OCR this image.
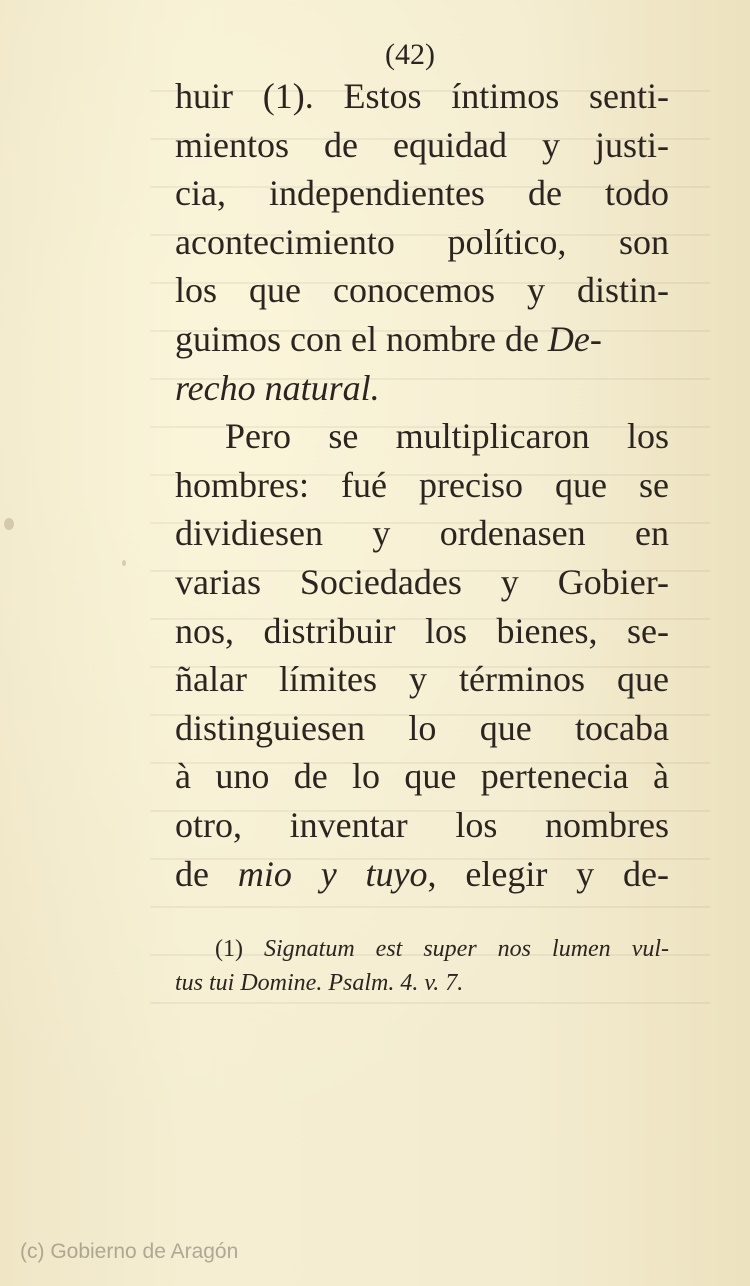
(42)
huir (1). Estos íntimos senti-
mientos de equidad y justi-
cia, independientes de todo
acontecimiento político, son
los que conocemos y distin-
guimos con el nombre de De-
recho natural.
Pero se multiplicaron los
hombres: fué preciso que se
dividiesen y ordenasen en
varias Sociedades y Gobier-
nos, distribuir los bienes, se-
ñalar límites y términos que
distinguiesen lo que tocaba
à uno de lo que pertenecia à
otro, inventar los nombres
de mio y tuyo, elegir y de-
(1) Signatum est super nos lumen vul-
tus tui Domine. Psalm. 4. v. 7.
(c) Gobierno de Aragón
